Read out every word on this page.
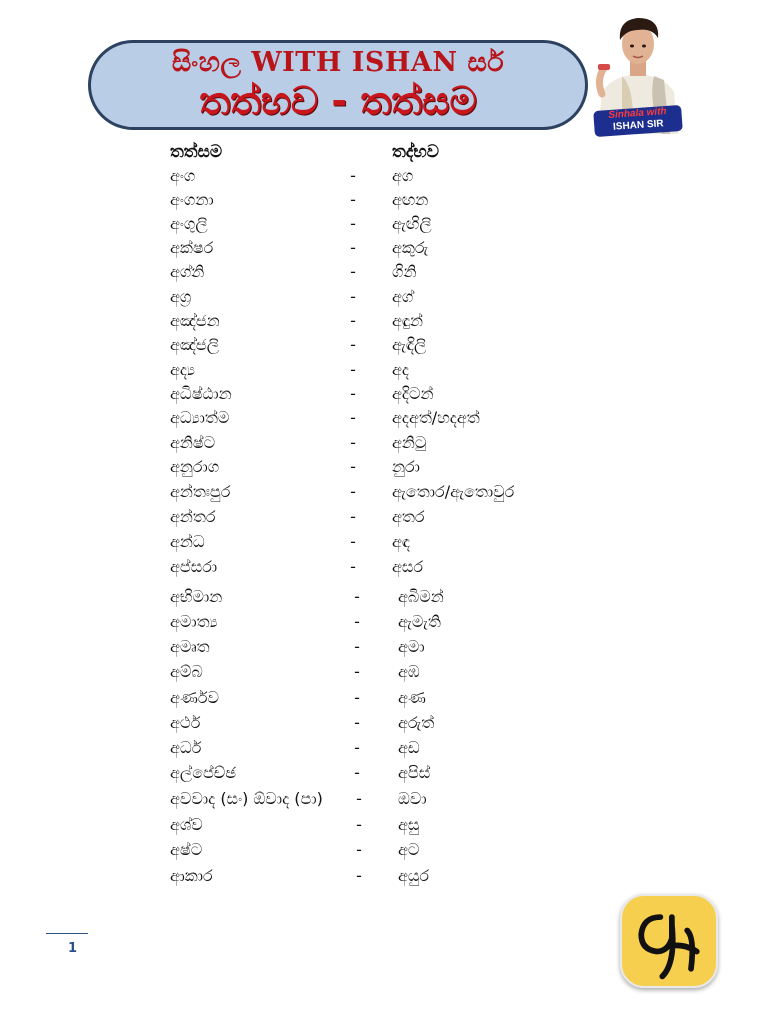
සිංහල WITH ISHAN සර්
තත්භව - තත්සම	Sinhala with
ISHAN SIR
තත්සම	තද්භව
අංග	- අග
අංගනා	- අඟන
අංගුලි	- ඇඟිලි
අක්ෂර	- අකුරු
අග්නි	- ගිනි
අග්‍ර	- අග්
අඤ්ජන	- අඳුන්
අඤ්ජලි	- ඇඳිලි
අද්‍ය	- අද
අධිෂ්ඨාන	- අදිටන්
අධ්‍යාත්ම	- අදඅත්/හදඅත්
අනිෂ්ට	- අනිටු
අනුරාග	- නුරා
අන්තඃපුර	- ඇතොර/ඇතොවුර
අන්තර	- අතර
අන්ධ	- අඳ
අප්සරා	- අසර
අභිමාන	- අබිමන්
අමාත්‍ය	- ඇමැති
අමෘත	- අමා
අම්බ	- අඹ
අර්ණව	- අණ
අර්ථ	- අරුත්
අර්ධ	- අඩ
අල්පේච්ඡ	- අපිස්
අවවාද (සං) ඕවාද (පා) - ඔවා
අශ්ව	- අසු
අෂ්ට	- අට
ආකාර	- අයුර
1
